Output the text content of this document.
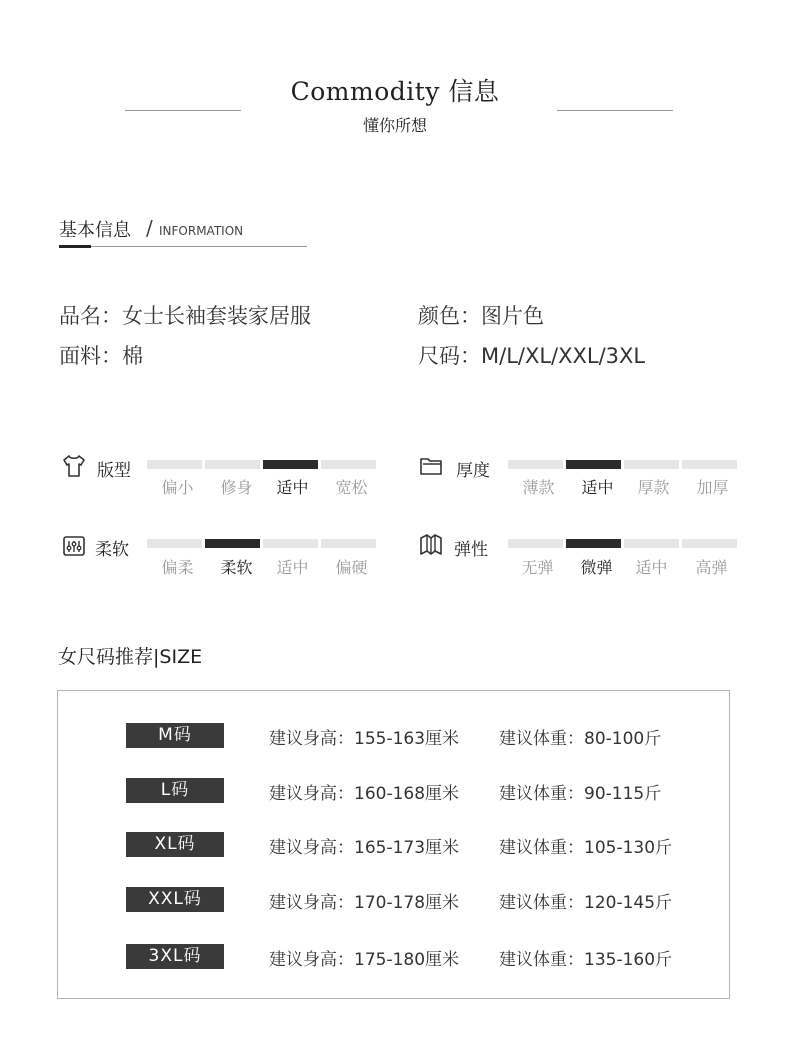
Commodity 信息
懂你所想
基本信息 / INFORMATION
品名：女士长袖套装家居服
面料：棉
颜色：图片色
尺码：M/L/XL/XXL/3XL
版型
偏小	修身	适中	宽松
厚度
薄款	适中	厚款	加厚
柔软
偏柔	柔软	适中	偏硬
弹性
无弹	微弹	适中	高弹
女尺码推荐|SIZE
M码	建议身高：155-163厘米 建议体重：80-100斤
L码	建议身高：160-168厘米 建议体重：90-115斤
XL码	建议身高：165-173厘米 建议体重：105-130斤
XXL码	建议身高：170-178厘米 建议体重：120-145斤
3XL码	建议身高：175-180厘米 建议体重：135-160斤
